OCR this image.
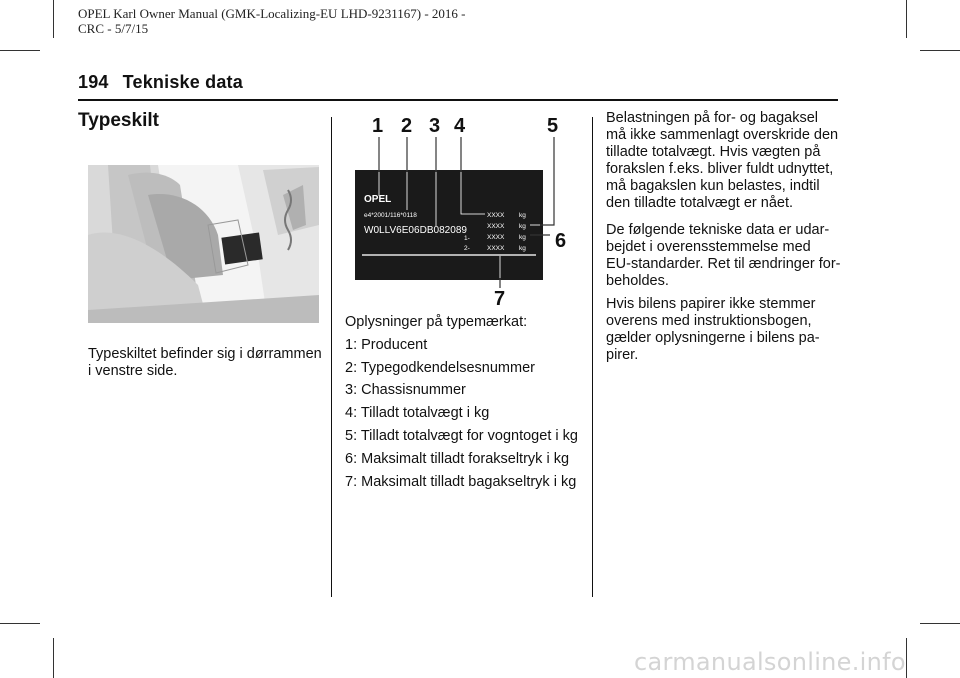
OPEL Karl Owner Manual (GMK-Localizing-EU LHD-9231167) - 2016 -
CRC - 5/7/15
194 Tekniske data
Typeskilt
Typeskiltet befinder sig i dørrammen
i venstre side.
OPEL
e4*2001/116*0118
W0LLV6E06DB082089
1-
2-
XXXX
XXXX
XXXX
XXXX
kg
kg
kg
kg
1 2 3 4	5
6
7
Oplysninger på typemærkat:
1: Producent
2: Typegodkendelsesnummer
3: Chassisnummer
4: Tilladt totalvægt i kg
5: Tilladt totalvægt for vogntoget i kg
6: Maksimalt tilladt forakseltryk i kg
7: Maksimalt tilladt bagakseltryk i kg
Belastningen på for- og bagaksel
må ikke sammenlagt overskride den
tilladte totalvægt. Hvis vægten på
forakslen f.eks. bliver fuldt udnyttet,
må bagakslen kun belastes, indtil
den tilladte totalvægt er nået.
De følgende tekniske data er udar-
bejdet i overensstemmelse med
EU-standarder. Ret til ændringer for-
beholdes.
Hvis bilens papirer ikke stemmer
overens med instruktionsbogen,
gælder oplysningerne i bilens pa-
pirer.
carmanualsonline.info
